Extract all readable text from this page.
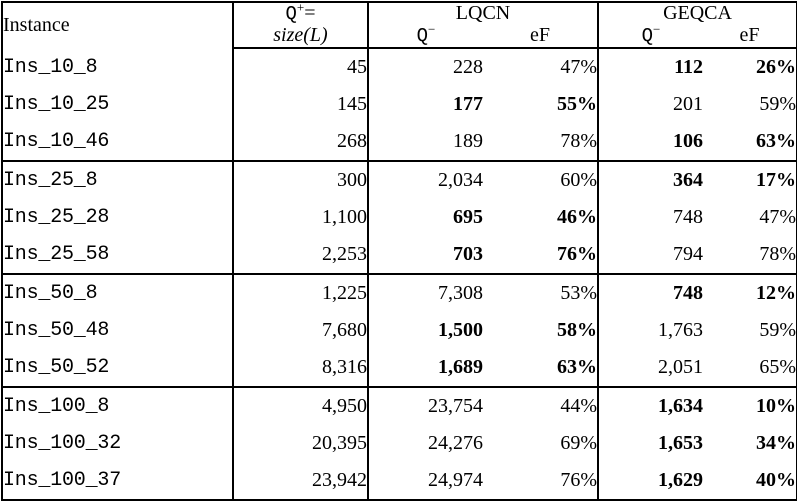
Instance	Q+=	LQCN		GEQCA	
	size(L)	Q−	eF	Q−	eF
Ins_10_8	45	228	47%	112	26%
Ins_10_25	145	177	55%	201	59%
Ins_10_46	268	189	78%	106	63%
Ins_25_8	300	2,034	60%	364	17%
Ins_25_28	1,100	695	46%	748	47%
Ins_25_58	2,253	703	76%	794	78%
Ins_50_8	1,225	7,308	53%	748	12%
Ins_50_48	7,680	1,500	58%	1,763	59%
Ins_50_52	8,316	1,689	63%	2,051	65%
Ins_100_8	4,950	23,754	44%	1,634	10%
Ins_100_32	20,395	24,276	69%	1,653	34%
Ins_100_37	23,942	24,974	76%	1,629	40%
